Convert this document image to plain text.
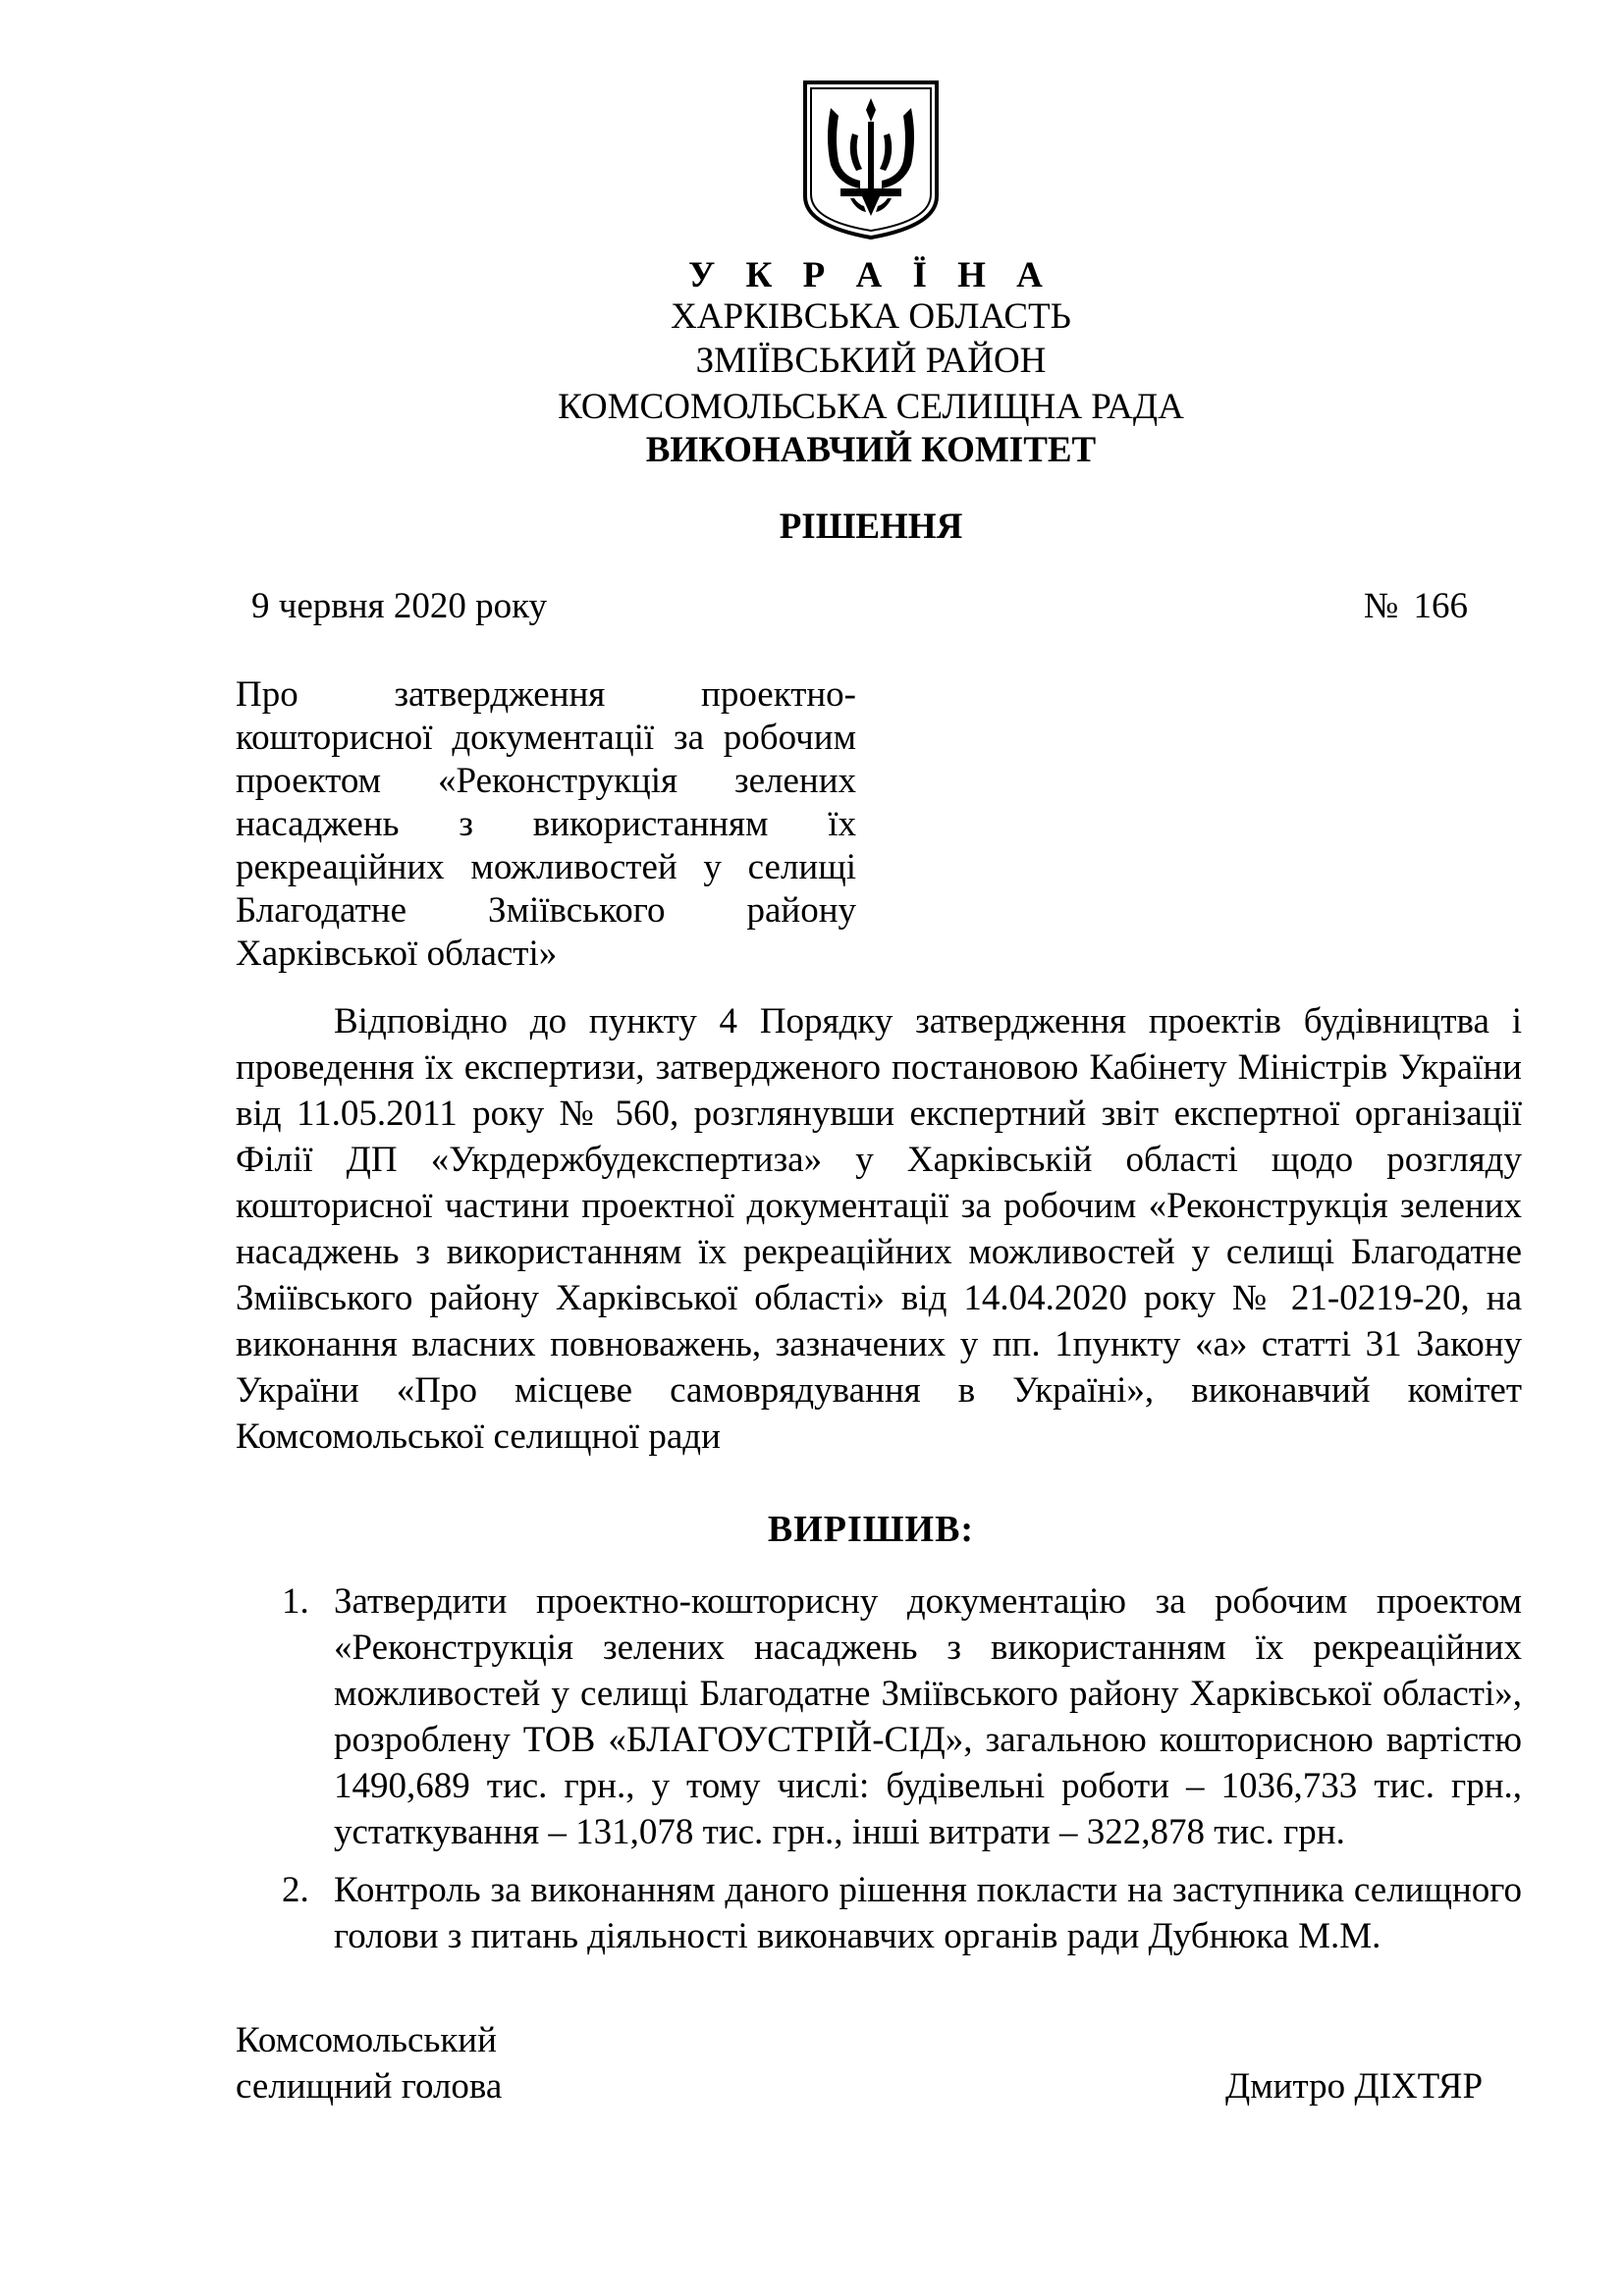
У К Р А Ї Н А
ХАРКІВСЬКА ОБЛАСТЬ
ЗМІЇВСЬКИЙ РАЙОН
КОМСОМОЛЬСЬКА СЕЛИЩНА РАДА
ВИКОНАВЧИЙ КОМІТЕТ
РІШЕННЯ
9 червня 2020 року	№ 166
Про затвердження проектно-кошторисної документації за робочим проектом «Реконструкція зелених насаджень з використанням їх рекреаційних можливостей у селищі Благодатне Зміївського району Харківської області»
Відповідно до пункту 4 Порядку затвердження проектів будівництва і проведення їх експертизи, затвердженого постановою Кабінету Міністрів України від 11.05.2011 року № 560, розглянувши експертний звіт експертної організації Філії ДП «Укрдержбудекспертиза» у Харківській області щодо розгляду кошторисної частини проектної документації за робочим «Реконструкція зелених насаджень з використанням їх рекреаційних можливостей у селищі Благодатне Зміївського району Харківської області» від 14.04.2020 року № 21-0219-20, на виконання власних повноважень, зазначених у пп. 1пункту «а» статті 31 Закону України «Про місцеве самоврядування в Україні», виконавчий комітет Комсомольської селищної ради
ВИРІШИВ:
1. Затвердити проектно-кошторисну документацію за робочим проектом «Реконструкція зелених насаджень з використанням їх рекреаційних можливостей у селищі Благодатне Зміївського району Харківської області», розроблену ТОВ «БЛАГОУСТРІЙ-СІД», загальною кошторисною вартістю 1490,689 тис. грн., у тому числі: будівельні роботи – 1036,733 тис. грн., устаткування – 131,078 тис. грн., інші витрати – 322,878 тис. грн.
2. Контроль за виконанням даного рішення покласти на заступника селищного голови з питань діяльності виконавчих органів ради Дубнюка М.М.
Комсомольський
селищний голова	Дмитро ДІХТЯР
